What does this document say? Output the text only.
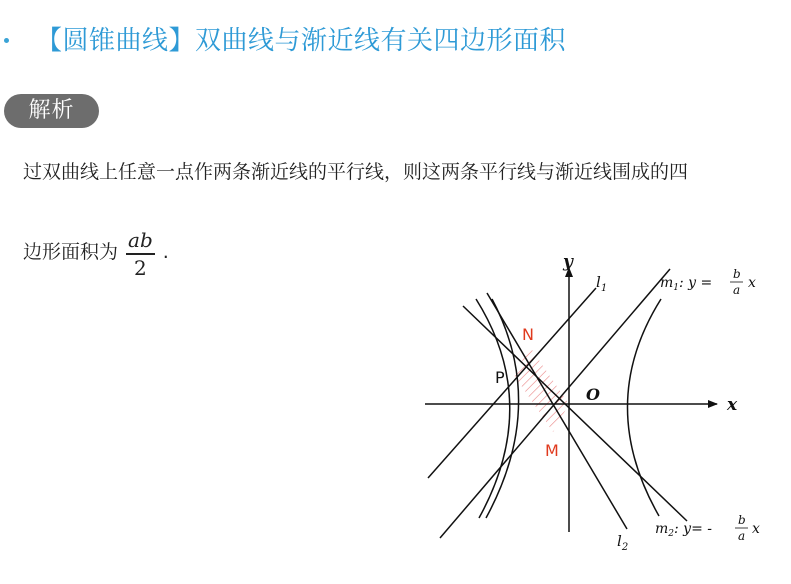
【圆锥曲线】双曲线与渐近线有关四边形面积
解析
过双曲线上任意一点作两条渐近线的平行线，则这两条平行线与渐近线围成的四
边形面积为 $\frac{ab}{2}$ .	y
x
O
P
N
M
$l_1$
$l_2$
$m_1$: y =
b
a x
$m_2$: y= -
b
a x
